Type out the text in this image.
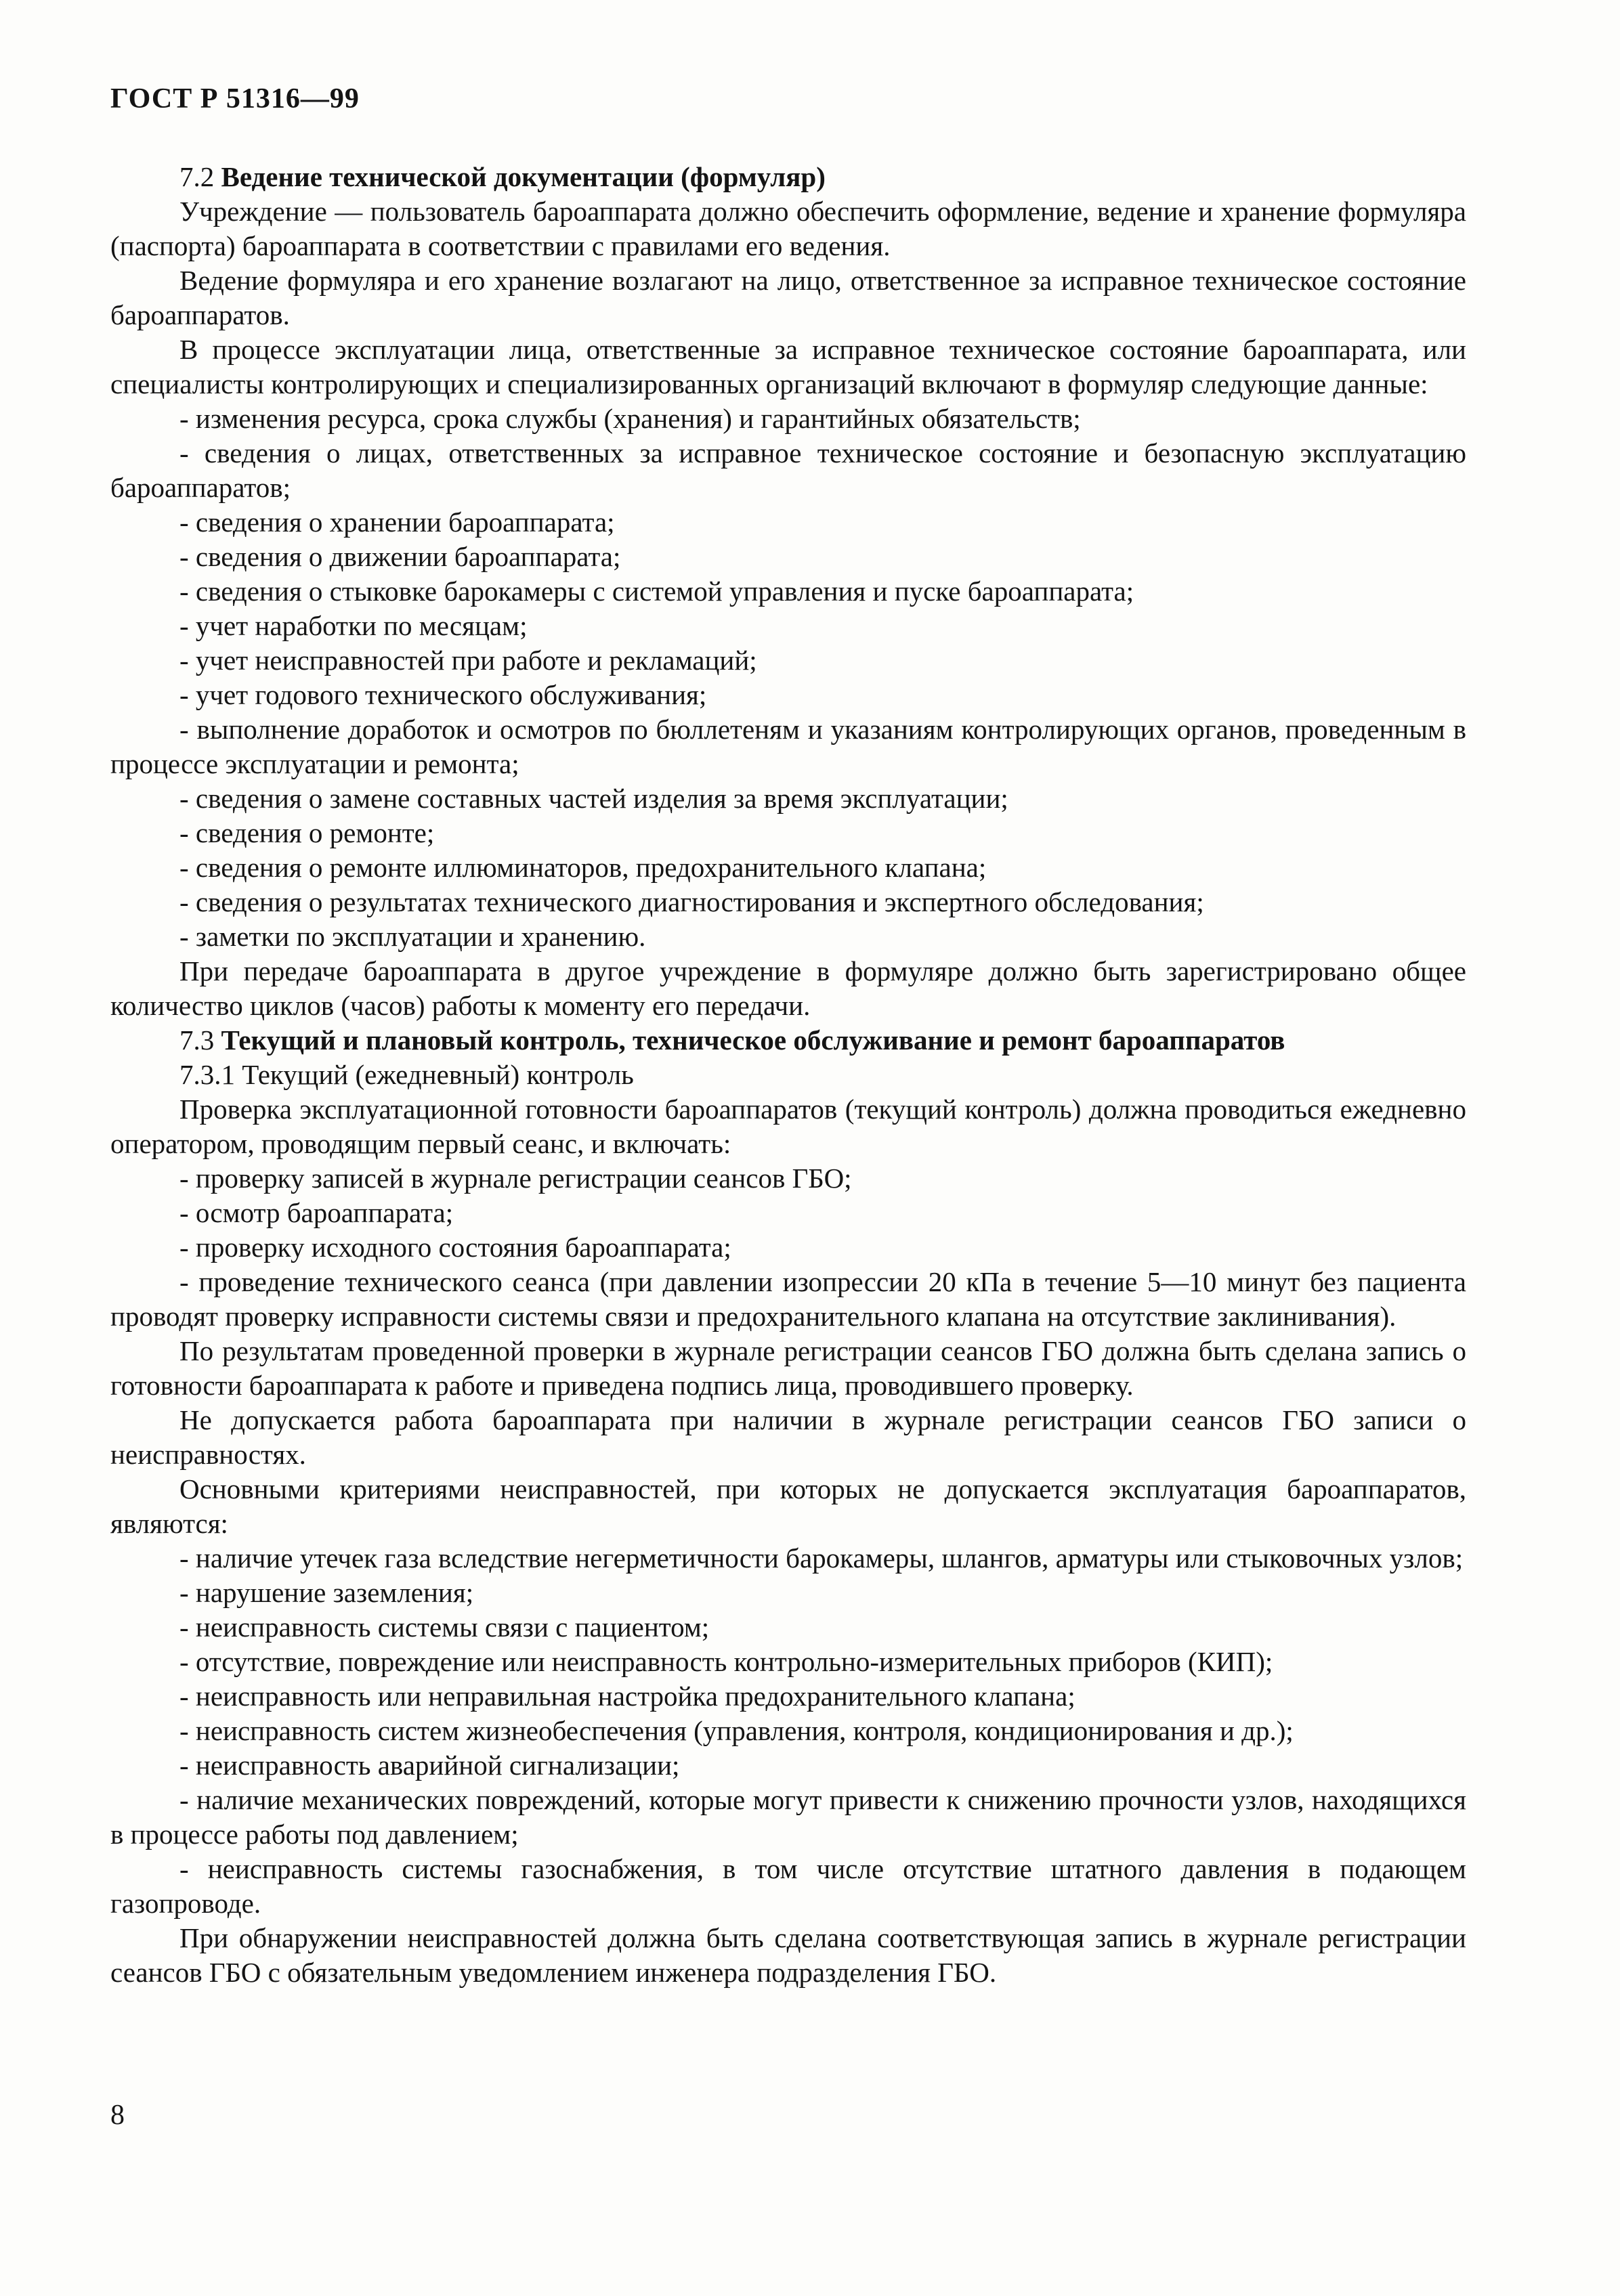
ГОСТ Р 51316—99

7.2 Ведение технической документации (формуляр)

Учреждение — пользователь бароаппарата должно обеспечить оформление, ведение и хранение формуляра (паспорта) бароаппарата в соответствии с правилами его ведения.

Ведение формуляра и его хранение возлагают на лицо, ответственное за исправное техническое состояние бароаппаратов.

В процессе эксплуатации лица, ответственные за исправное техническое состояние бароаппарата, или специалисты контролирующих и специализированных организаций включают в формуляр следующие данные:

- изменения ресурса, срока службы (хранения) и гарантийных обязательств;

- сведения о лицах, ответственных за исправное техническое состояние и безопасную эксплуатацию бароаппаратов;

- сведения о хранении бароаппарата;

- сведения о движении бароаппарата;

- сведения о стыковке барокамеры с системой управления и пуске бароаппарата;

- учет наработки по месяцам;

- учет неисправностей при работе и рекламаций;

- учет годового технического обслуживания;

- выполнение доработок и осмотров по бюллетеням и указаниям контролирующих органов, проведенным в процессе эксплуатации и ремонта;

- сведения о замене составных частей изделия за время эксплуатации;

- сведения о ремонте;

- сведения о ремонте иллюминаторов, предохранительного клапана;

- сведения о результатах технического диагностирования и экспертного обследования;

- заметки по эксплуатации и хранению.

При передаче бароаппарата в другое учреждение в формуляре должно быть зарегистрировано общее количество циклов (часов) работы к моменту его передачи.

7.3 Текущий и плановый контроль, техническое обслуживание и ремонт бароаппаратов

7.3.1 Текущий (ежедневный) контроль

Проверка эксплуатационной готовности бароаппаратов (текущий контроль) должна проводиться ежедневно оператором, проводящим первый сеанс, и включать:

- проверку записей в журнале регистрации сеансов ГБО;

- осмотр бароаппарата;

- проверку исходного состояния бароаппарата;

- проведение технического сеанса (при давлении изопрессии 20 кПа в течение 5—10 минут без пациента проводят проверку исправности системы связи и предохранительного клапана на отсутствие заклинивания).

По результатам проведенной проверки в журнале регистрации сеансов ГБО должна быть сделана запись о готовности бароаппарата к работе и приведена подпись лица, проводившего проверку.

Не допускается работа бароаппарата при наличии в журнале регистрации сеансов ГБО записи о неисправностях.

Основными критериями неисправностей, при которых не допускается эксплуатация бароаппаратов, являются:

- наличие утечек газа вследствие негерметичности барокамеры, шлангов, арматуры или стыковочных узлов;

- нарушение заземления;

- неисправность системы связи с пациентом;

- отсутствие, повреждение или неисправность контрольно-измерительных приборов (КИП);

- неисправность или неправильная настройка предохранительного клапана;

- неисправность систем жизнеобеспечения (управления, контроля, кондиционирования и др.);

- неисправность аварийной сигнализации;

- наличие механических повреждений, которые могут привести к снижению прочности узлов, находящихся в процессе работы под давлением;

- неисправность системы газоснабжения, в том числе отсутствие штатного давления в подающем газопроводе.

При обнаружении неисправностей должна быть сделана соответствующая запись в журнале регистрации сеансов ГБО с обязательным уведомлением инженера подразделения ГБО.

8
